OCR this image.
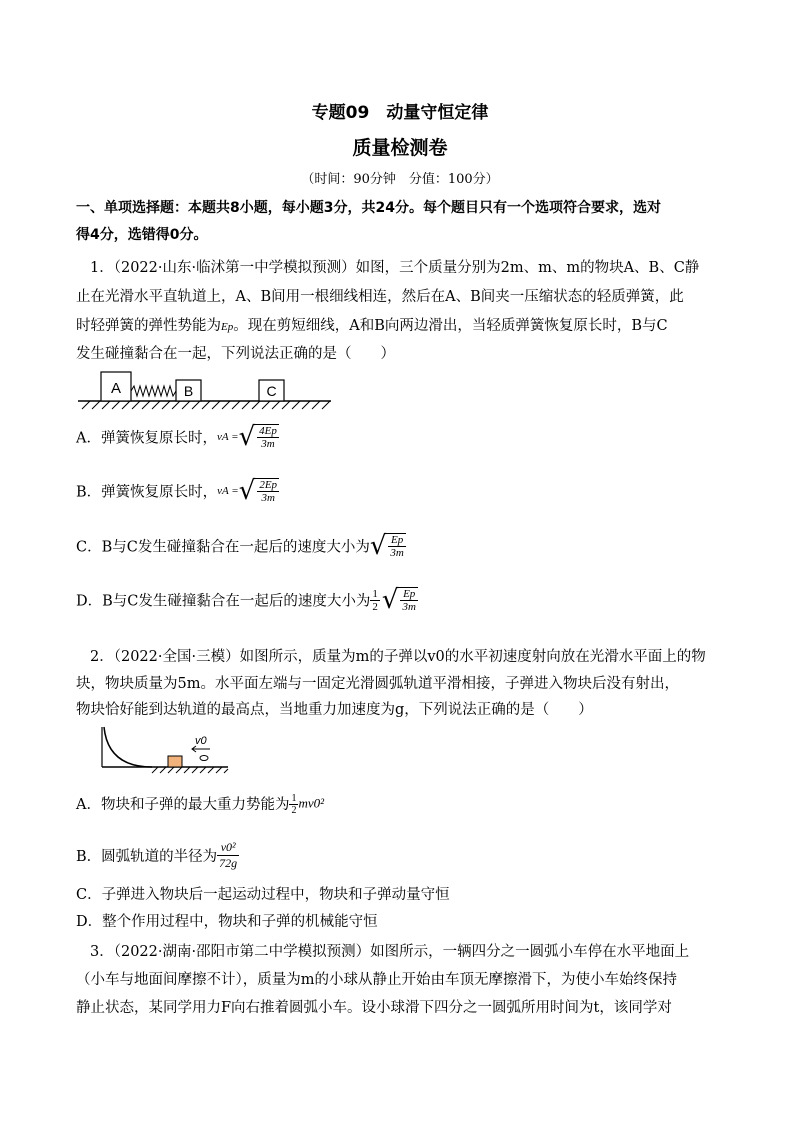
专题09　动量守恒定律
质量检测卷
（时间：90分钟　分值：100分）
一、单项选择题：本题共8小题，每小题3分，共24分。每个题目只有一个选项符合要求，选对
得4分，选错得0分。
1．（2022·山东·临沭第一中学模拟预测）如图，三个质量分别为2m、m、m的物块A、B、C静
止在光滑水平直轨道上，A、B间用一根细线相连，然后在A、B间夹一压缩状态的轻质弹簧，此
时轻弹簧的弹性势能为Ep。现在剪短细线，A和B向两边滑出，当轻质弹簧恢复原长时，B与C
发生碰撞黏合在一起，下列说法正确的是（　　）
A	B	C
A．弹簧恢复原长时，vA =√ $\frac{4Ep}{3m}$
B．弹簧恢复原长时，vA =√ $\frac{2Ep}{3m}$
C．B与C发生碰撞黏合在一起后的速度大小为√ $\frac{Ep}{3m}$
D．B与C发生碰撞黏合在一起后的速度大小为 $\frac{1}{2}$ √ $\frac{Ep}{3m}$
2．（2022·全国·三模）如图所示，质量为m的子弹以v0的水平初速度射向放在光滑水平面上的物
块，物块质量为5m。水平面左端与一固定光滑圆弧轨道平滑相接，子弹进入物块后没有射出，
物块恰好能到达轨道的最高点，当地重力加速度为g，下列说法正确的是（　　）
v0
A．物块和子弹的最大重力势能为 $\frac{1}{2} mv0^2$
B．圆弧轨道的半径为 $\frac{\text{v0²}}{72g}$
C．子弹进入物块后一起运动过程中，物块和子弹动量守恒
D．整个作用过程中，物块和子弹的机械能守恒
3．（2022·湖南·邵阳市第二中学模拟预测）如图所示，一辆四分之一圆弧小车停在水平地面上
（小车与地面间摩擦不计），质量为m的小球从静止开始由车顶无摩擦滑下，为使小车始终保持
静止状态，某同学用力F向右推着圆弧小车。设小球滑下四分之一圆弧所用时间为t，该同学对
